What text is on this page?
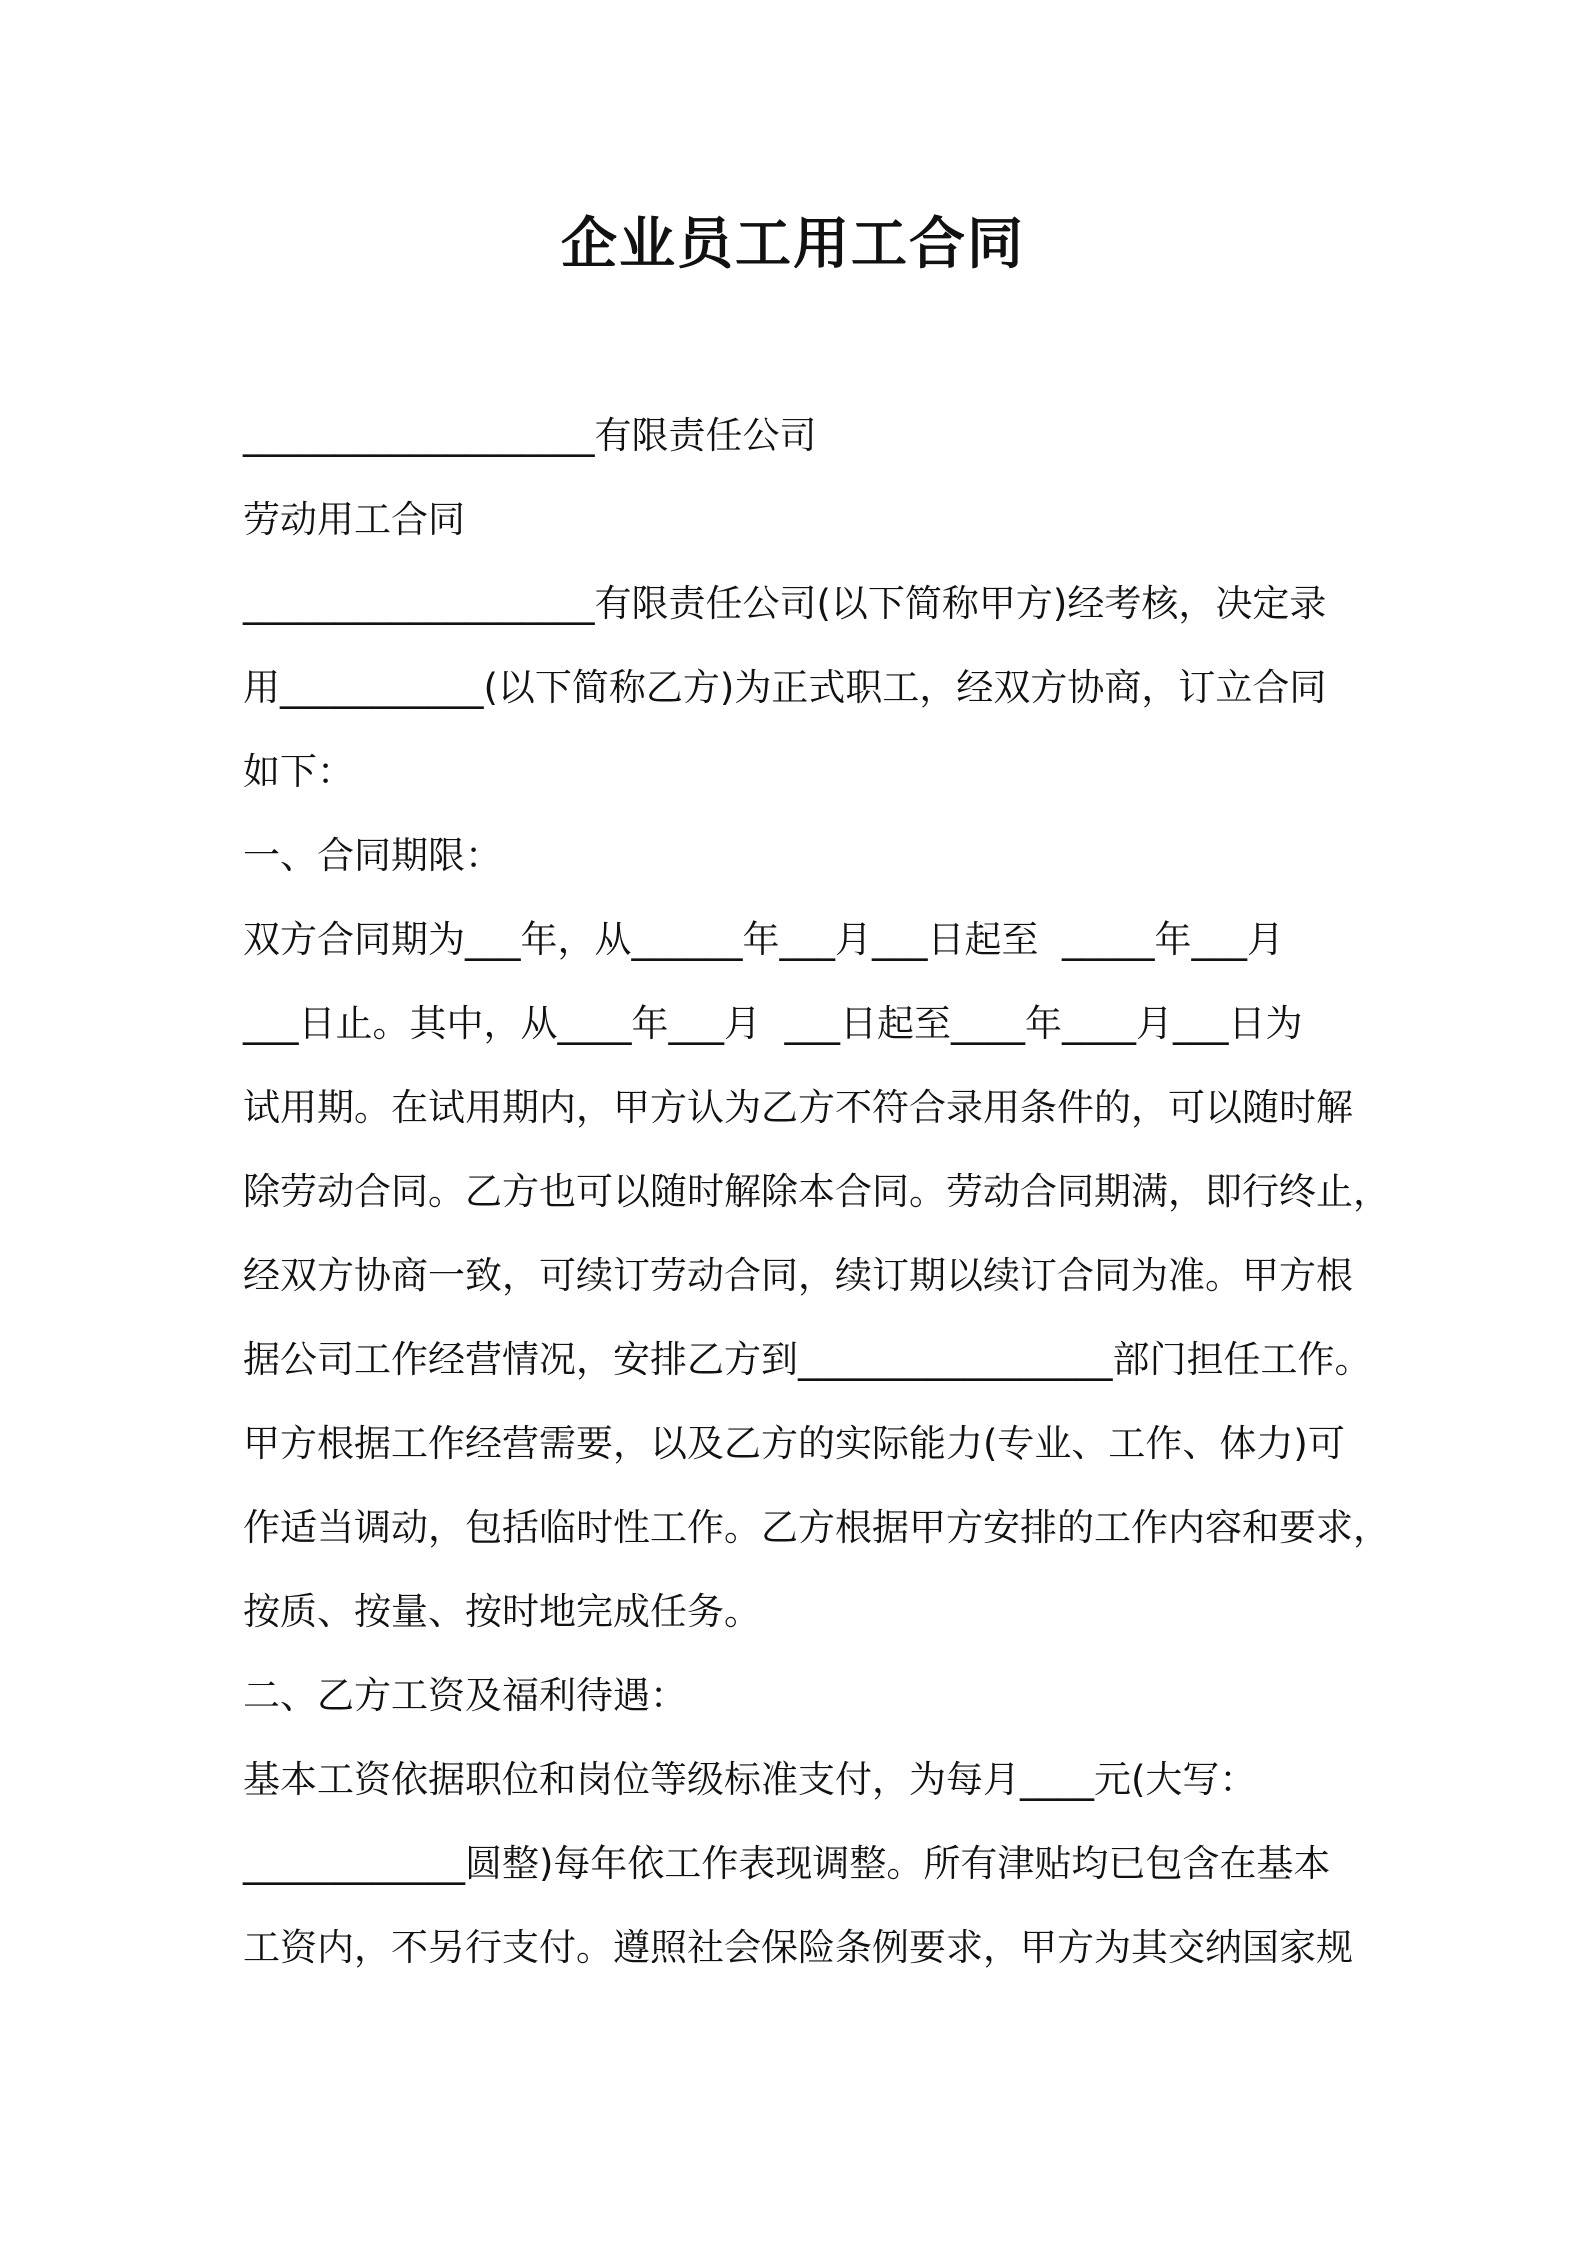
企业员工用工合同
___________________有限责任公司
劳动用工合同
___________________有限责任公司(以下简称甲方)经考核，决定录
用___________(以下简称乙方)为正式职工，经双方协商，订立合同
如下：
一、合同期限：
双方合同期为___年，从______年___月___日起至  _____年___月
___日止。其中，从____年___月  ___日起至____年____月___日为
试用期。在试用期内，甲方认为乙方不符合录用条件的，可以随时解
除劳动合同。乙方也可以随时解除本合同。劳动合同期满，即行终止，
经双方协商一致，可续订劳动合同，续订期以续订合同为准。甲方根
据公司工作经营情况，安排乙方到_________________部门担任工作。
甲方根据工作经营需要，以及乙方的实际能力(专业、工作、体力)可
作适当调动，包括临时性工作。乙方根据甲方安排的工作内容和要求，
按质、按量、按时地完成任务。
二、乙方工资及福利待遇：
基本工资依据职位和岗位等级标准支付，为每月____元(大写：
____________圆整)每年依工作表现调整。所有津贴均已包含在基本
工资内，不另行支付。遵照社会保险条例要求，甲方为其交纳国家规
